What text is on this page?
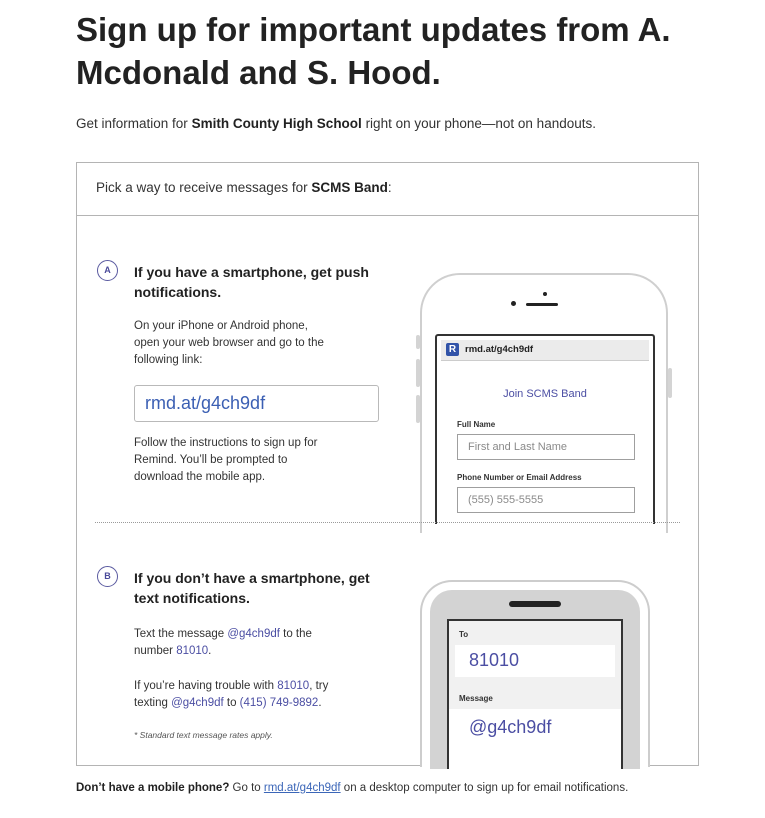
Sign up for important updates from A. Mcdonald and S. Hood.
Get information for Smith County High School right on your phone—not on handouts.
Pick a way to receive messages for SCMS Band:
A	If you have a smartphone, get push notifications.
On your iPhone or Android phone, open your web browser and go to the following link:
rmd.at/g4ch9df
Follow the instructions to sign up for Remind. You’ll be prompted to download the mobile app.
R rmd.at/g4ch9df
Join SCMS Band
Full Name
First and Last Name
Phone Number or Email Address
(555) 555-5555
B	If you don’t have a smartphone, get text notifications.
Text the message @g4ch9df to the number 81010.
If you’re having trouble with 81010, try texting @g4ch9df to (415) 749-9892.
* Standard text message rates apply.
To
81010
Message
@g4ch9df
Don’t have a mobile phone? Go to rmd.at/g4ch9df on a desktop computer to sign up for email notifications.
